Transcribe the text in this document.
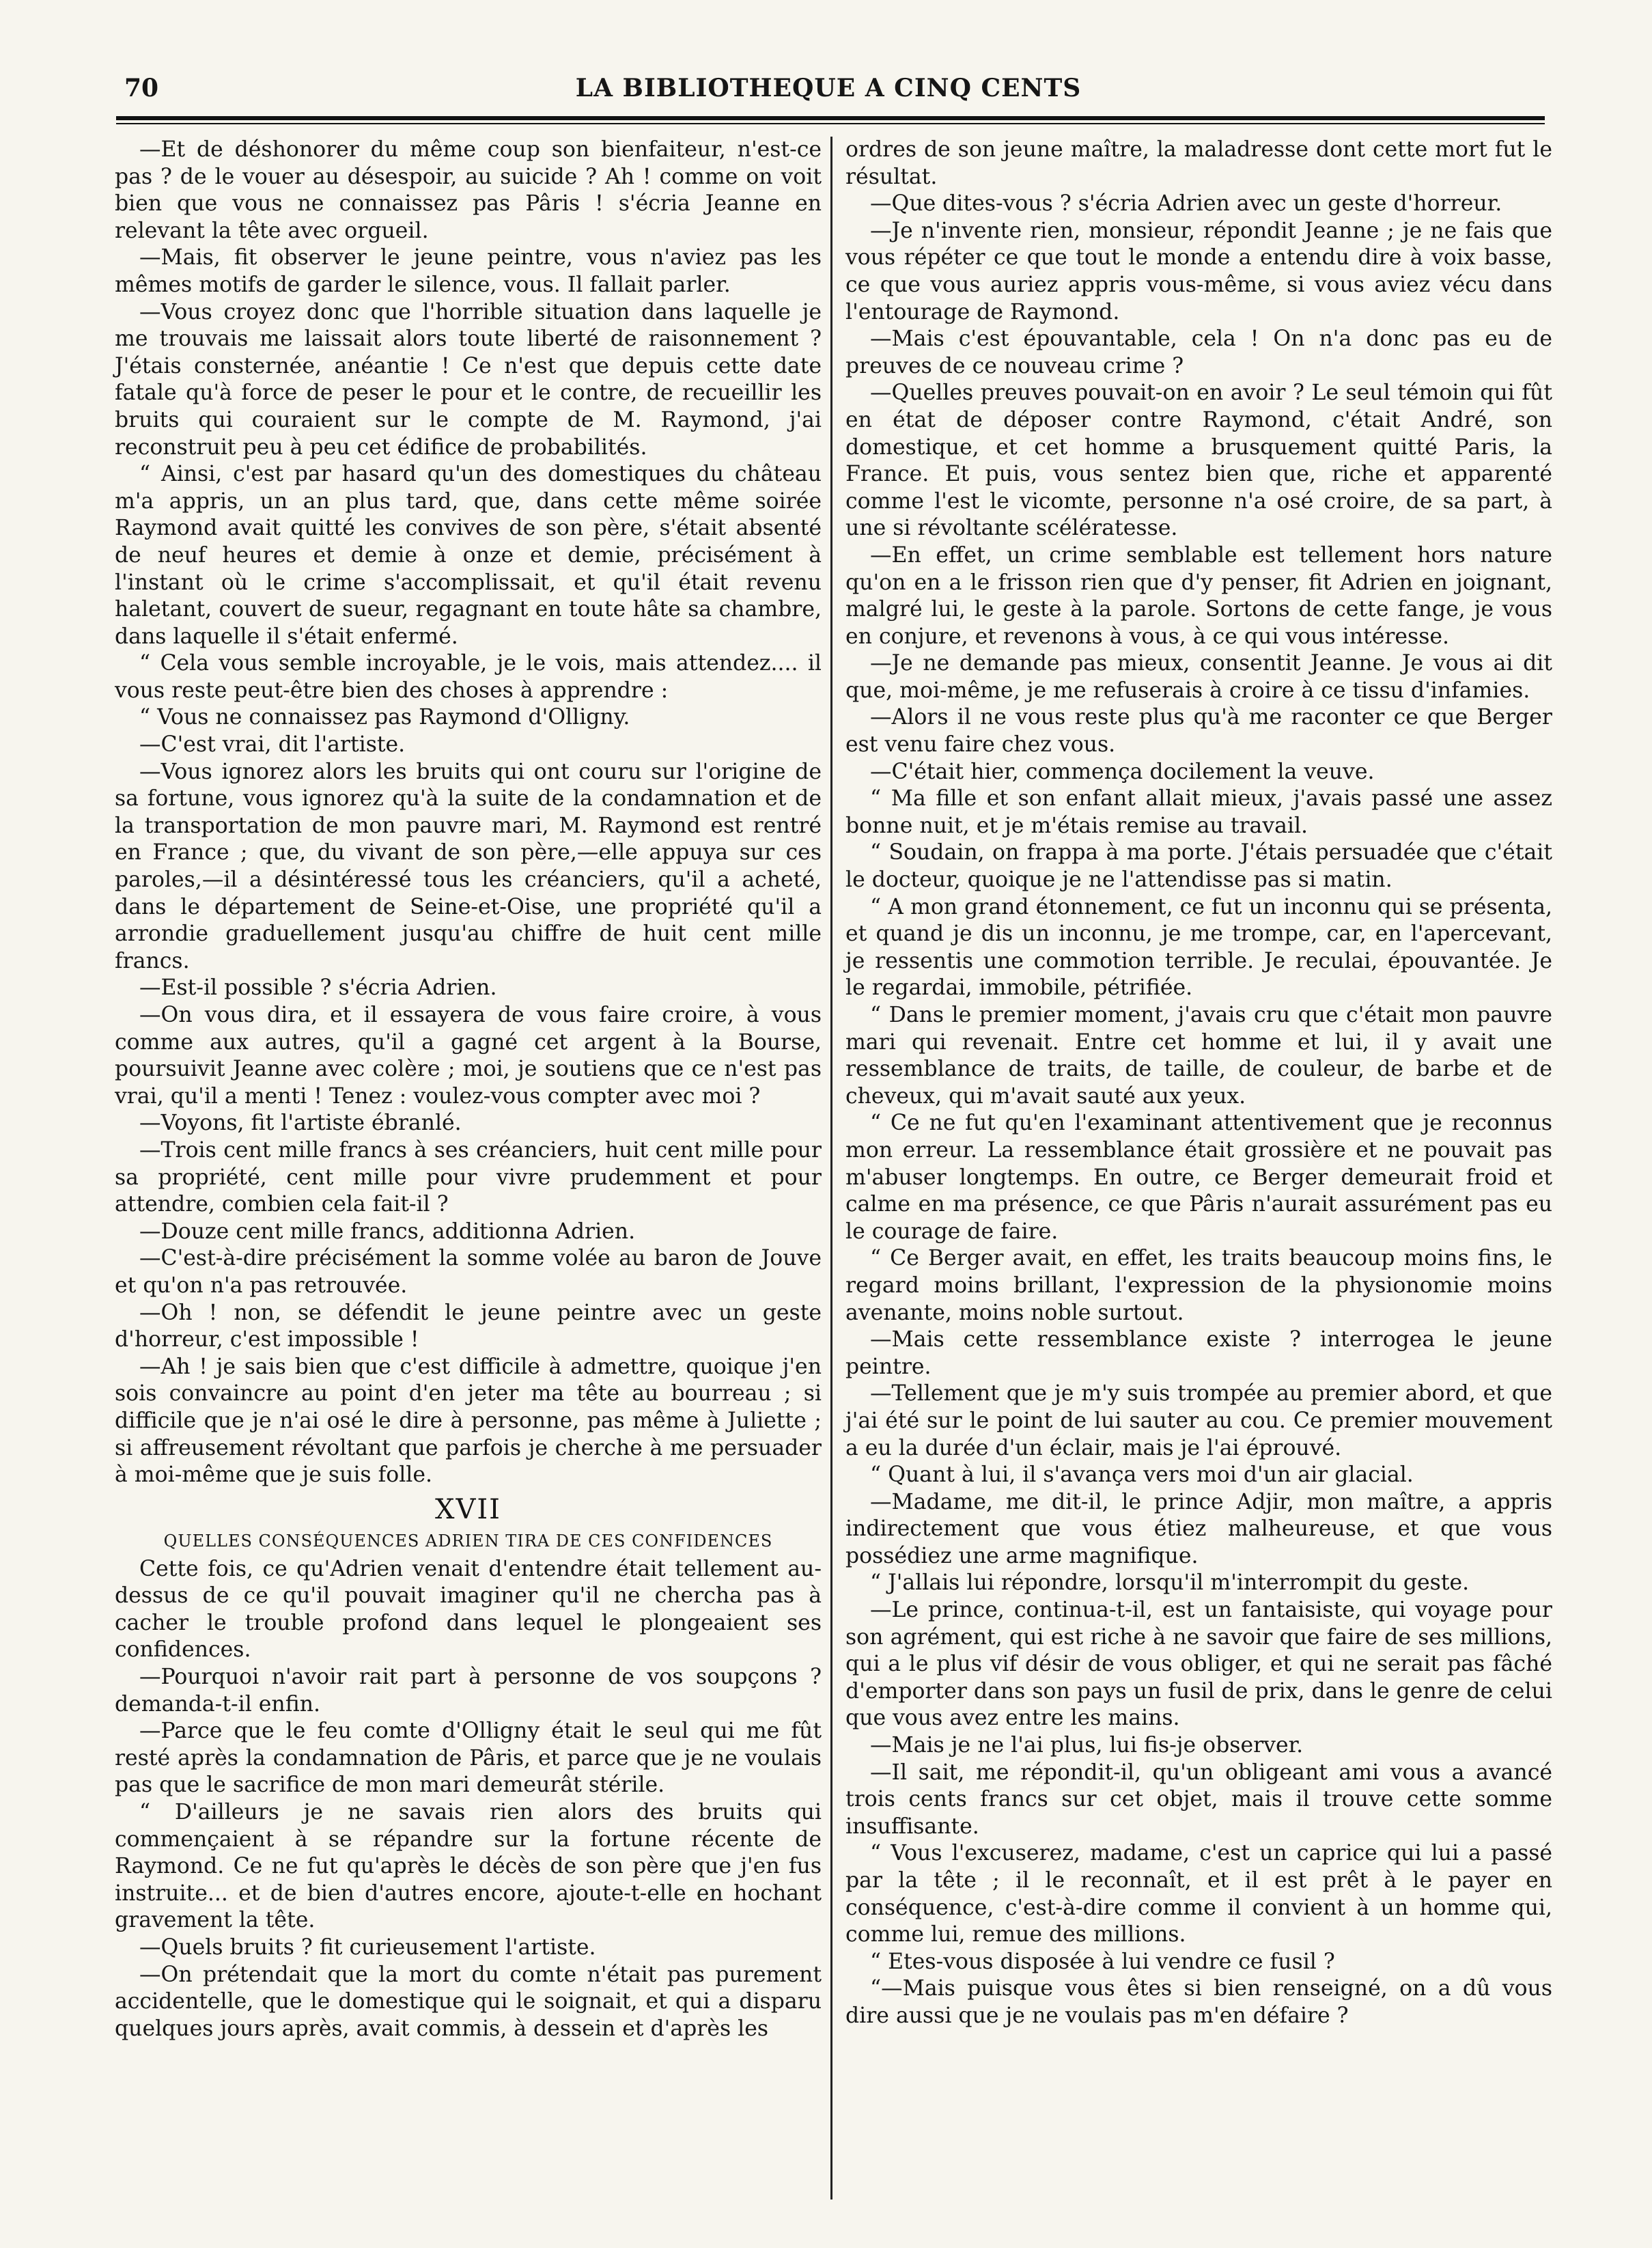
70	LA BIBLIOTHEQUE A CINQ CENTS

—Et de déshonorer du même coup son bienfaiteur, n'est-ce pas ? de le vouer au désespoir, au suicide ? Ah ! comme on voit bien que vous ne connaissez pas Pâris ! s'écria Jeanne en relevant la tête avec orgueil.

—Mais, fit observer le jeune peintre, vous n'aviez pas les mêmes motifs de garder le silence, vous. Il fallait parler.

—Vous croyez donc que l'horrible situation dans laquelle je me trouvais me laissait alors toute liberté de raisonnement ? J'étais consternée, anéantie ! Ce n'est que depuis cette date fatale qu'à force de peser le pour et le contre, de recueillir les bruits qui couraient sur le compte de M. Raymond, j'ai reconstruit peu à peu cet édifice de probabilités.

“ Ainsi, c'est par hasard qu'un des domestiques du château m'a appris, un an plus tard, que, dans cette même soirée Raymond avait quitté les convives de son père, s'était absenté de neuf heures et demie à onze et demie, précisément à l'instant où le crime s'accomplissait, et qu'il était revenu haletant, couvert de sueur, regagnant en toute hâte sa chambre, dans laquelle il s'était enfermé.

“ Cela vous semble incroyable, je le vois, mais attendez.... il vous reste peut-être bien des choses à apprendre :

“ Vous ne connaissez pas Raymond d'Olligny.

—C'est vrai, dit l'artiste.

—Vous ignorez alors les bruits qui ont couru sur l'origine de sa fortune, vous ignorez qu'à la suite de la condamnation et de la transportation de mon pauvre mari, M. Raymond est rentré en France ; que, du vivant de son père,—elle appuya sur ces paroles,—il a désintéressé tous les créanciers, qu'il a acheté, dans le département de Seine-et-Oise, une propriété qu'il a arrondie graduellement jusqu'au chiffre de huit cent mille francs.

—Est-il possible ? s'écria Adrien.

—On vous dira, et il essayera de vous faire croire, à vous comme aux autres, qu'il a gagné cet argent à la Bourse, poursuivit Jeanne avec colère ; moi, je soutiens que ce n'est pas vrai, qu'il a menti ! Tenez : voulez-vous compter avec moi ?

—Voyons, fit l'artiste ébranlé.

—Trois cent mille francs à ses créanciers, huit cent mille pour sa propriété, cent mille pour vivre prudemment et pour attendre, combien cela fait-il ?

—Douze cent mille francs, additionna Adrien.

—C'est-à-dire précisément la somme volée au baron de Jouve et qu'on n'a pas retrouvée.

—Oh ! non, se défendit le jeune peintre avec un geste d'horreur, c'est impossible !

—Ah ! je sais bien que c'est difficile à admettre, quoique j'en sois convaincre au point d'en jeter ma tête au bourreau ; si difficile que je n'ai osé le dire à personne, pas même à Juliette ; si affreusement révoltant que parfois je cherche à me persuader à moi-même que je suis folle.

XVII
QUELLES CONSÉQUENCES ADRIEN TIRA DE CES CONFIDENCES

Cette fois, ce qu'Adrien venait d'entendre était tellement au-dessus de ce qu'il pouvait imaginer qu'il ne chercha pas à cacher le trouble profond dans lequel le plongeaient ses confidences.

—Pourquoi n'avoir rait part à personne de vos soupçons ? demanda-t-il enfin.

—Parce que le feu comte d'Olligny était le seul qui me fût resté après la condamnation de Pâris, et parce que je ne voulais pas que le sacrifice de mon mari demeurât stérile.

“ D'ailleurs je ne savais rien alors des bruits qui commençaient à se répandre sur la fortune récente de Raymond. Ce ne fut qu'après le décès de son père que j'en fus instruite... et de bien d'autres encore, ajoute-t-elle en hochant gravement la tête.

—Quels bruits ? fit curieusement l'artiste.

—On prétendait que la mort du comte n'était pas purement accidentelle, que le domestique qui le soignait, et qui a disparu quelques jours après, avait commis, à dessein et d'après les

ordres de son jeune maître, la maladresse dont cette mort fut le résultat.

—Que dites-vous ? s'écria Adrien avec un geste d'horreur.

—Je n'invente rien, monsieur, répondit Jeanne ; je ne fais que vous répéter ce que tout le monde a entendu dire à voix basse, ce que vous auriez appris vous-même, si vous aviez vécu dans l'entourage de Raymond.

—Mais c'est épouvantable, cela ! On n'a donc pas eu de preuves de ce nouveau crime ?

—Quelles preuves pouvait-on en avoir ? Le seul témoin qui fût en état de déposer contre Raymond, c'était André, son domestique, et cet homme a brusquement quitté Paris, la France. Et puis, vous sentez bien que, riche et apparenté comme l'est le vicomte, personne n'a osé croire, de sa part, à une si révoltante scélératesse.

—En effet, un crime semblable est tellement hors nature qu'on en a le frisson rien que d'y penser, fit Adrien en joignant, malgré lui, le geste à la parole. Sortons de cette fange, je vous en conjure, et revenons à vous, à ce qui vous intéresse.

—Je ne demande pas mieux, consentit Jeanne. Je vous ai dit que, moi-même, je me refuserais à croire à ce tissu d'infamies.

—Alors il ne vous reste plus qu'à me raconter ce que Berger est venu faire chez vous.

—C'était hier, commença docilement la veuve.

“ Ma fille et son enfant allait mieux, j'avais passé une assez bonne nuit, et je m'étais remise au travail.

“ Soudain, on frappa à ma porte. J'étais persuadée que c'était le docteur, quoique je ne l'attendisse pas si matin.

“ A mon grand étonnement, ce fut un inconnu qui se présenta, et quand je dis un inconnu, je me trompe, car, en l'apercevant, je ressentis une commotion terrible. Je reculai, épouvantée. Je le regardai, immobile, pétrifiée.

“ Dans le premier moment, j'avais cru que c'était mon pauvre mari qui revenait. Entre cet homme et lui, il y avait une ressemblance de traits, de taille, de couleur, de barbe et de cheveux, qui m'avait sauté aux yeux.

“ Ce ne fut qu'en l'examinant attentivement que je reconnus mon erreur. La ressemblance était grossière et ne pouvait pas m'abuser longtemps. En outre, ce Berger demeurait froid et calme en ma présence, ce que Pâris n'aurait assurément pas eu le courage de faire.

“ Ce Berger avait, en effet, les traits beaucoup moins fins, le regard moins brillant, l'expression de la physionomie moins avenante, moins noble surtout.

—Mais cette ressemblance existe ? interrogea le jeune peintre.

—Tellement que je m'y suis trompée au premier abord, et que j'ai été sur le point de lui sauter au cou. Ce premier mouvement a eu la durée d'un éclair, mais je l'ai éprouvé.

“ Quant à lui, il s'avança vers moi d'un air glacial.

—Madame, me dit-il, le prince Adjir, mon maître, a appris indirectement que vous étiez malheureuse, et que vous possédiez une arme magnifique.

“ J'allais lui répondre, lorsqu'il m'interrompit du geste.

—Le prince, continua-t-il, est un fantaisiste, qui voyage pour son agrément, qui est riche à ne savoir que faire de ses millions, qui a le plus vif désir de vous obliger, et qui ne serait pas fâché d'emporter dans son pays un fusil de prix, dans le genre de celui que vous avez entre les mains.

—Mais je ne l'ai plus, lui fis-je observer.

—Il sait, me répondit-il, qu'un obligeant ami vous a avancé trois cents francs sur cet objet, mais il trouve cette somme insuffisante.

“ Vous l'excuserez, madame, c'est un caprice qui lui a passé par la tête ; il le reconnaît, et il est prêt à le payer en conséquence, c'est-à-dire comme il convient à un homme qui, comme lui, remue des millions.

“ Etes-vous disposée à lui vendre ce fusil ?

“—Mais puisque vous êtes si bien renseigné, on a dû vous dire aussi que je ne voulais pas m'en défaire ?
